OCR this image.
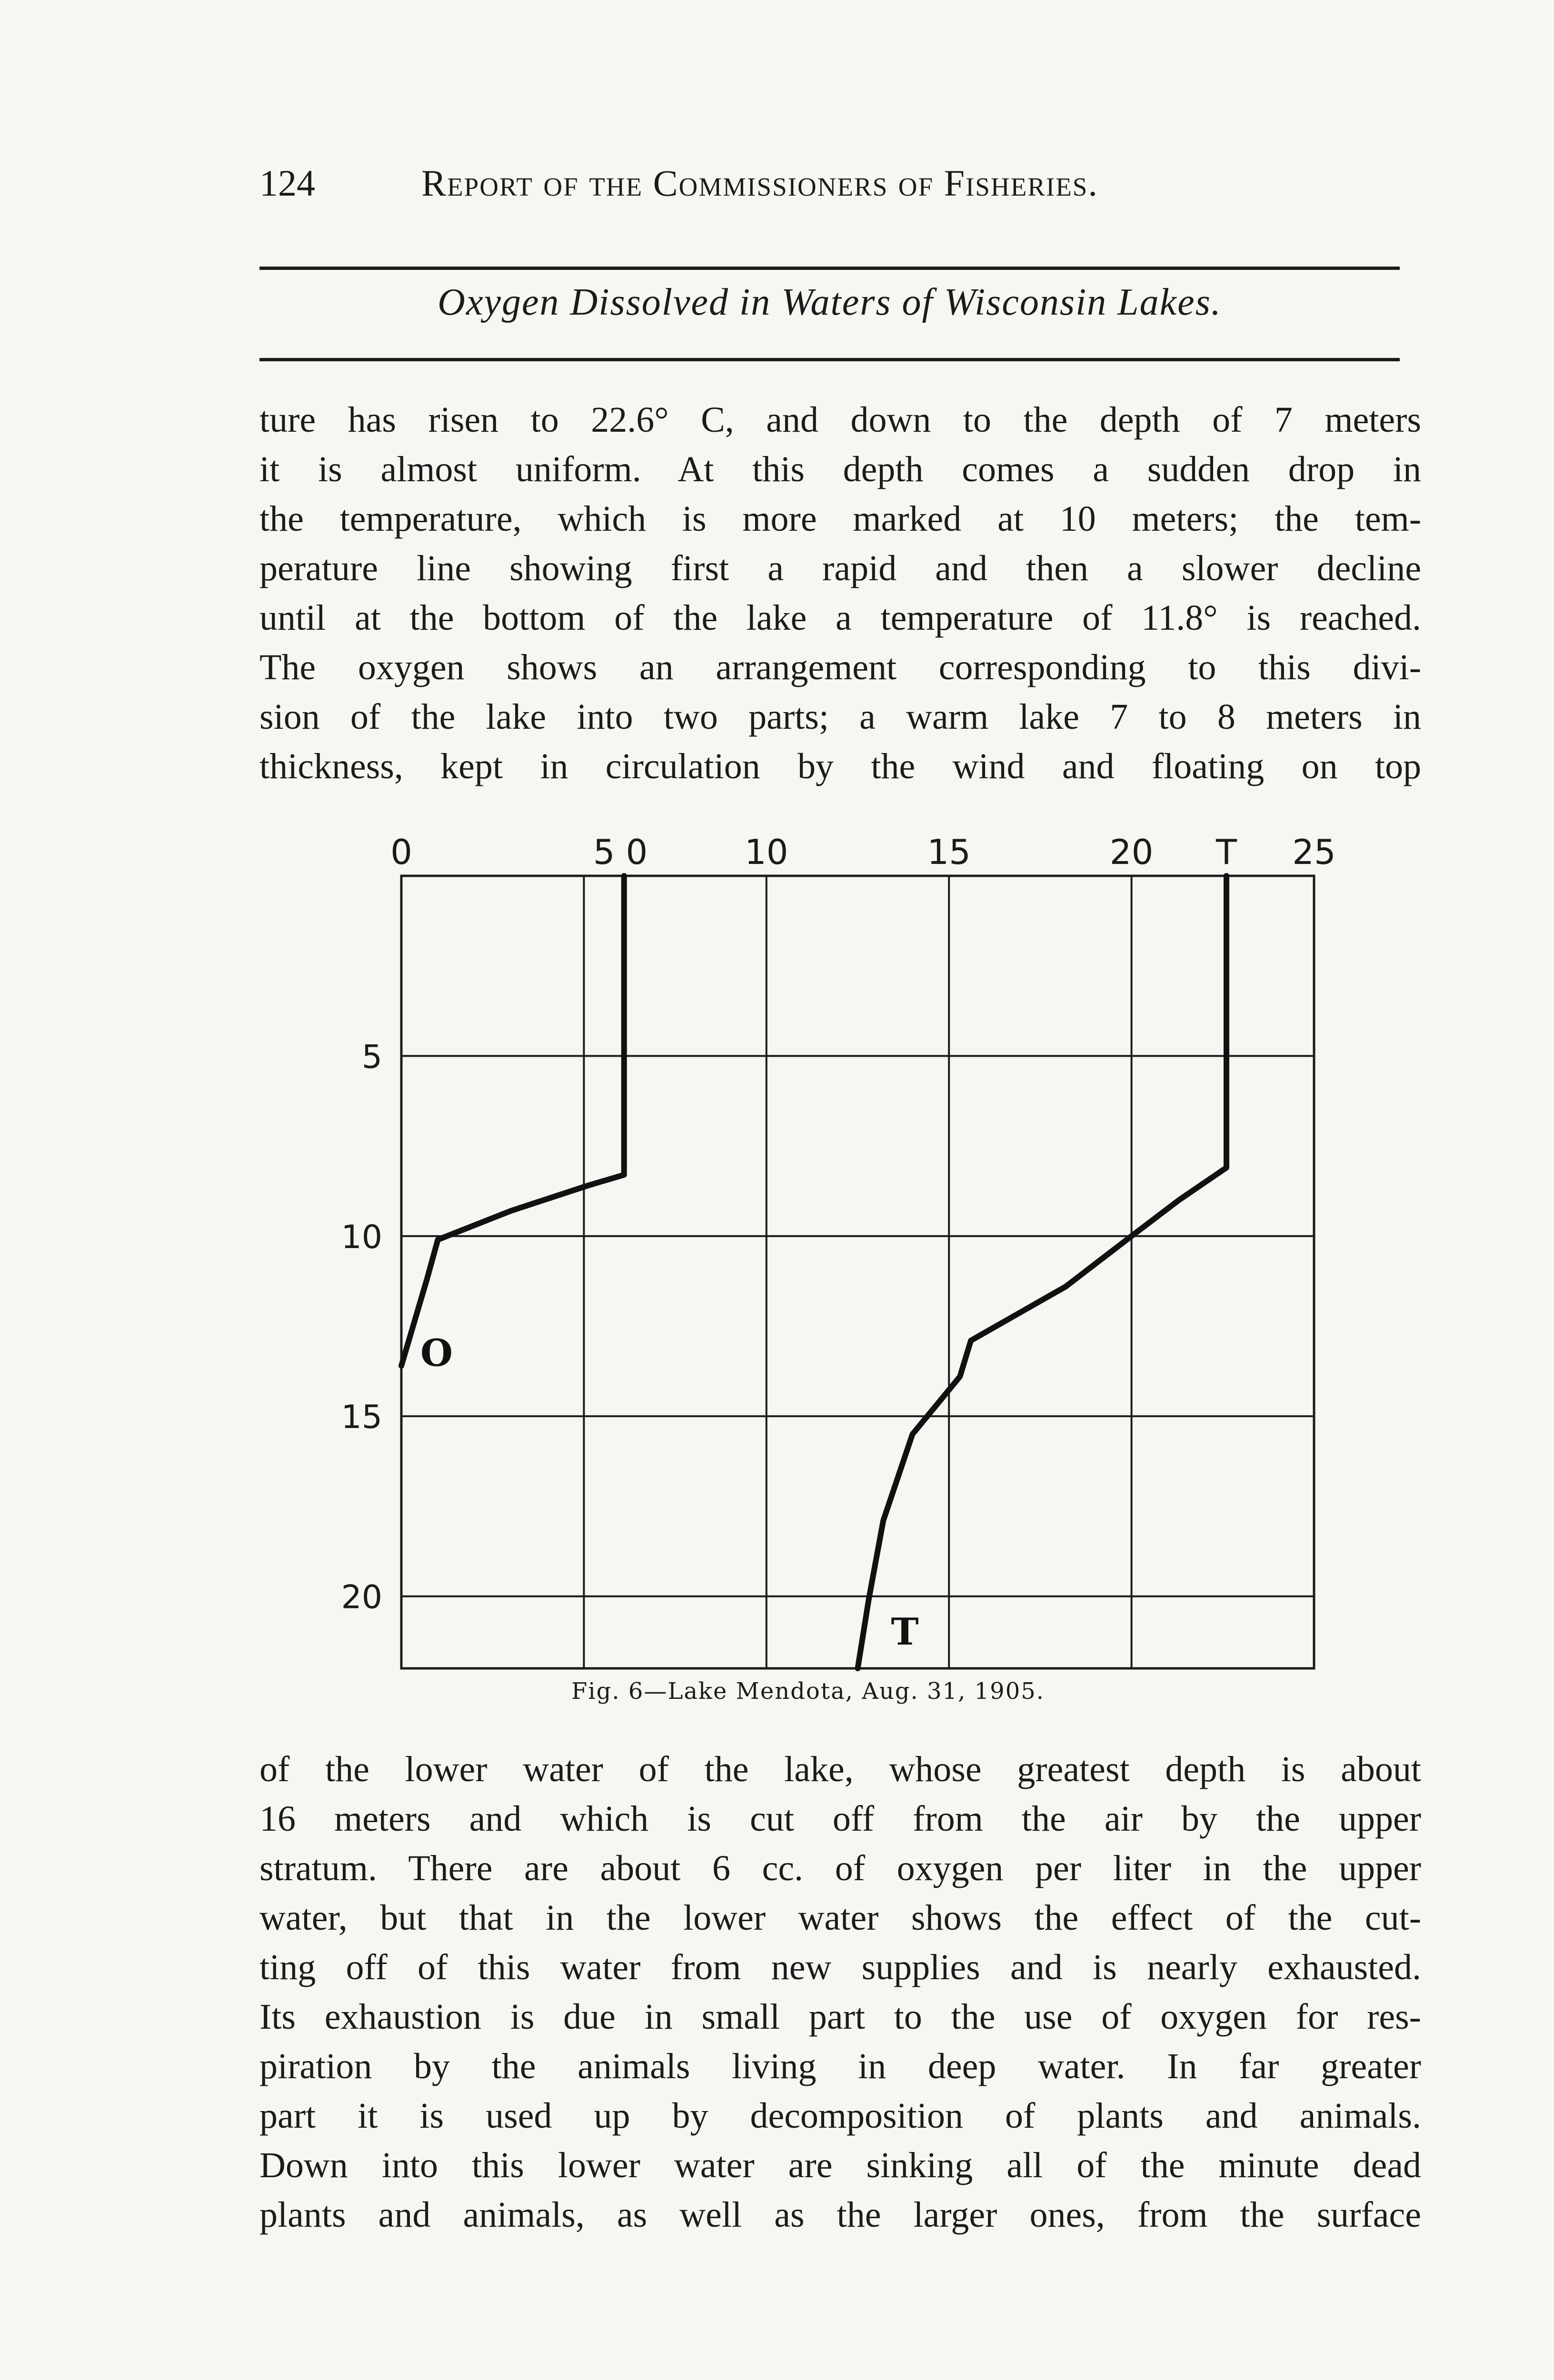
124	Report of the Commissioners of Fisheries.
Oxygen Dissolved in Waters of Wisconsin Lakes.
ture has risen to 22.6° C, and down to the depth of 7 meters
it is almost uniform. At this depth comes a sudden drop in
the temperature, which is more marked at 10 meters; the tem-
perature line showing first a rapid and then a slower decline
until at the bottom of the lake a temperature of 11.8° is reached.
The oxygen shows an arrangement corresponding to this divi-
sion of the lake into two parts; a warm lake 7 to 8 meters in
thickness, kept in circulation by the wind and floating on top
0	5 0	10	15	20 T 25
5
10
15
20
O
T
Fig. 6—Lake Mendota, Aug. 31, 1905.
of the lower water of the lake, whose greatest depth is about
16 meters and which is cut off from the air by the upper
stratum. There are about 6 cc. of oxygen per liter in the upper
water, but that in the lower water shows the effect of the cut-
ting off of this water from new supplies and is nearly exhausted.
Its exhaustion is due in small part to the use of oxygen for res-
piration by the animals living in deep water. In far greater
part it is used up by decomposition of plants and animals.
Down into this lower water are sinking all of the minute dead
plants and animals, as well as the larger ones, from the surface
